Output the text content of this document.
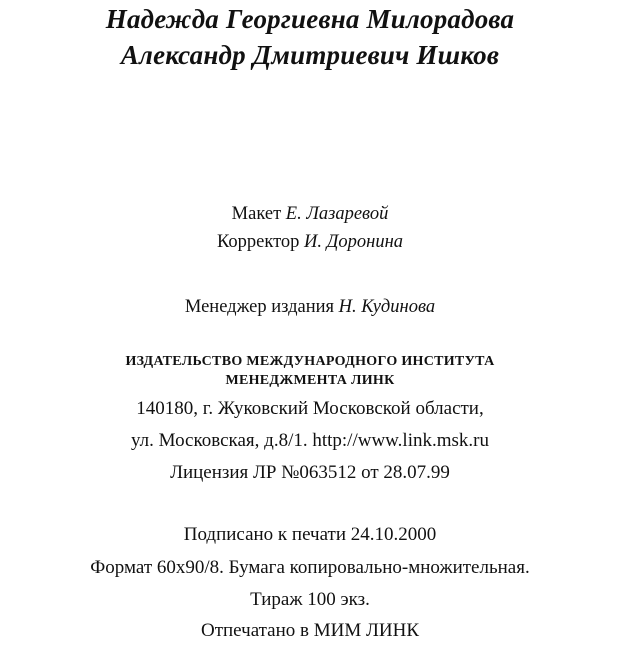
Надежда Георгиевна Милорадова
Александр Дмитриевич Ишков
Макет Е. Лазаревой
Корректор И. Доронина
Менеджер издания Н. Кудинова
ИЗДАТЕЛЬСТВО МЕЖДУНАРОДНОГО ИНСТИТУТА
МЕНЕДЖМЕНТА ЛИНК
140180, г. Жуковский Московской области,
ул. Московская, д.8/1. http://www.link.msk.ru
Лицензия ЛР №063512 от 28.07.99
Подписано к печати 24.10.2000
Формат 60x90/8. Бумага копировально-множительная.
Тираж 100 экз.
Отпечатано в МИМ ЛИНК
